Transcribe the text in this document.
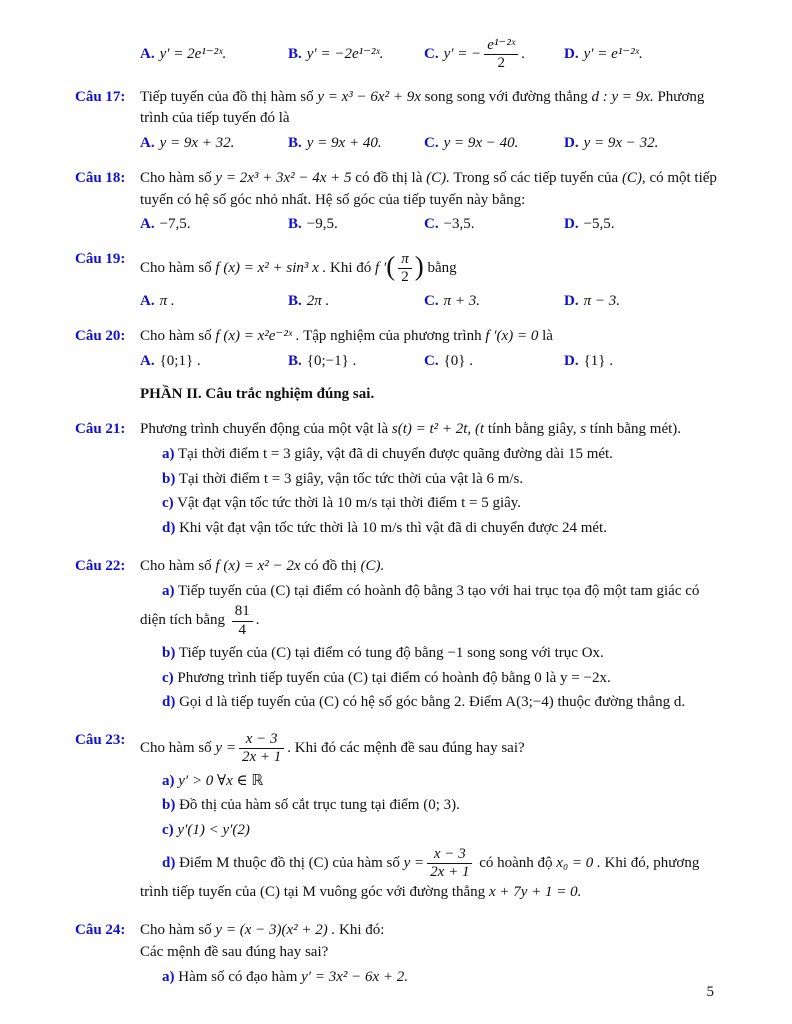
A. y′ = 2e¹⁻²ˣ.	B. y′ = −2e¹⁻²ˣ.	C. y′ = − $\frac{\text{e¹⁻²ˣ}}{2}$ .	D. y′ = e¹⁻²ˣ.
Câu 17: Tiếp tuyến của đồ thị hàm số y = x³ − 6x² + 9x song song với đường thẳng d : y = 9x. Phương trình của tiếp tuyến đó là

A. y = 9x + 32.	B. y = 9x + 40.	C. y = 9x − 40.	D. y = 9x − 32.
Câu 18: Cho hàm số y = 2x³ + 3x² − 4x + 5 có đồ thị là (C). Trong số các tiếp tuyến của (C), có một tiếp tuyến có hệ số góc nhỏ nhất. Hệ số góc của tiếp tuyến này bằng:

A. −7,5.	B. −9,5.	C. −3,5.	D. −5,5.
Câu 19:

Cho hàm số f (x) = x² + sin³ x . Khi đó f ′( $\frac{\pi}{2}$ ) bằng

A. π .	B. 2π .	C. π + 3.	D. π − 3.
Câu 20: Cho hàm số f (x) = x²e⁻²ˣ . Tập nghiệm của phương trình f ′(x) = 0 là

A. {0;1} .	B. {0;−1} .	C. {0} .	D. {1} .
PHẦN II. Câu trắc nghiệm đúng sai.
Câu 21: Phương trình chuyển động của một vật là s(t) = t² + 2t, (t tính bằng giây, s tính bằng mét).

a) Tại thời điểm t = 3 giây, vật đã di chuyển được quãng đường dài 15 mét.

b) Tại thời điểm t = 3 giây, vận tốc tức thời của vật là 6 m/s.

c) Vật đạt vận tốc tức thời là 10 m/s tại thời điểm t = 5 giây.

d) Khi vật đạt vận tốc tức thời là 10 m/s thì vật đã di chuyển được 24 mét.

Câu 22: Cho hàm số f (x) = x² − 2x có đồ thị (C).

a) Tiếp tuyến của (C) tại điểm có hoành độ bằng 3 tạo với hai trục tọa độ một tam giác có diện tích bằng $\frac{81}{4}$ .

b) Tiếp tuyến của (C) tại điểm có tung độ bằng −1 song song với trục Ox.

c) Phương trình tiếp tuyến của (C) tại điểm có hoành độ bằng 0 là y = −2x.

d) Gọi d là tiếp tuyến của (C) có hệ số góc bằng 2. Điểm A(3;−4) thuộc đường thẳng d.

Câu 23:

Cho hàm số $y = \frac{x - 3}{2x + 1}$ . Khi đó các mệnh đề sau đúng hay sai?

a) y′ > 0 ∀x ∈ ℝ

b) Đồ thị của hàm số cắt trục tung tại điểm (0; 3).

c) y′(1) < y′(2)

d) Điểm M thuộc đồ thị (C) của hàm số $y = \frac{x - 3}{2x + 1}$ có hoành độ x₀ = 0 . Khi đó, phương trình tiếp tuyến của (C) tại M vuông góc với đường thẳng x + 7y + 1 = 0.

Câu 24: Cho hàm số y = (x − 3)(x² + 2) . Khi đó:

Các mệnh đề sau đúng hay sai?

a) Hàm số có đạo hàm y′ = 3x² − 6x + 2.

5
